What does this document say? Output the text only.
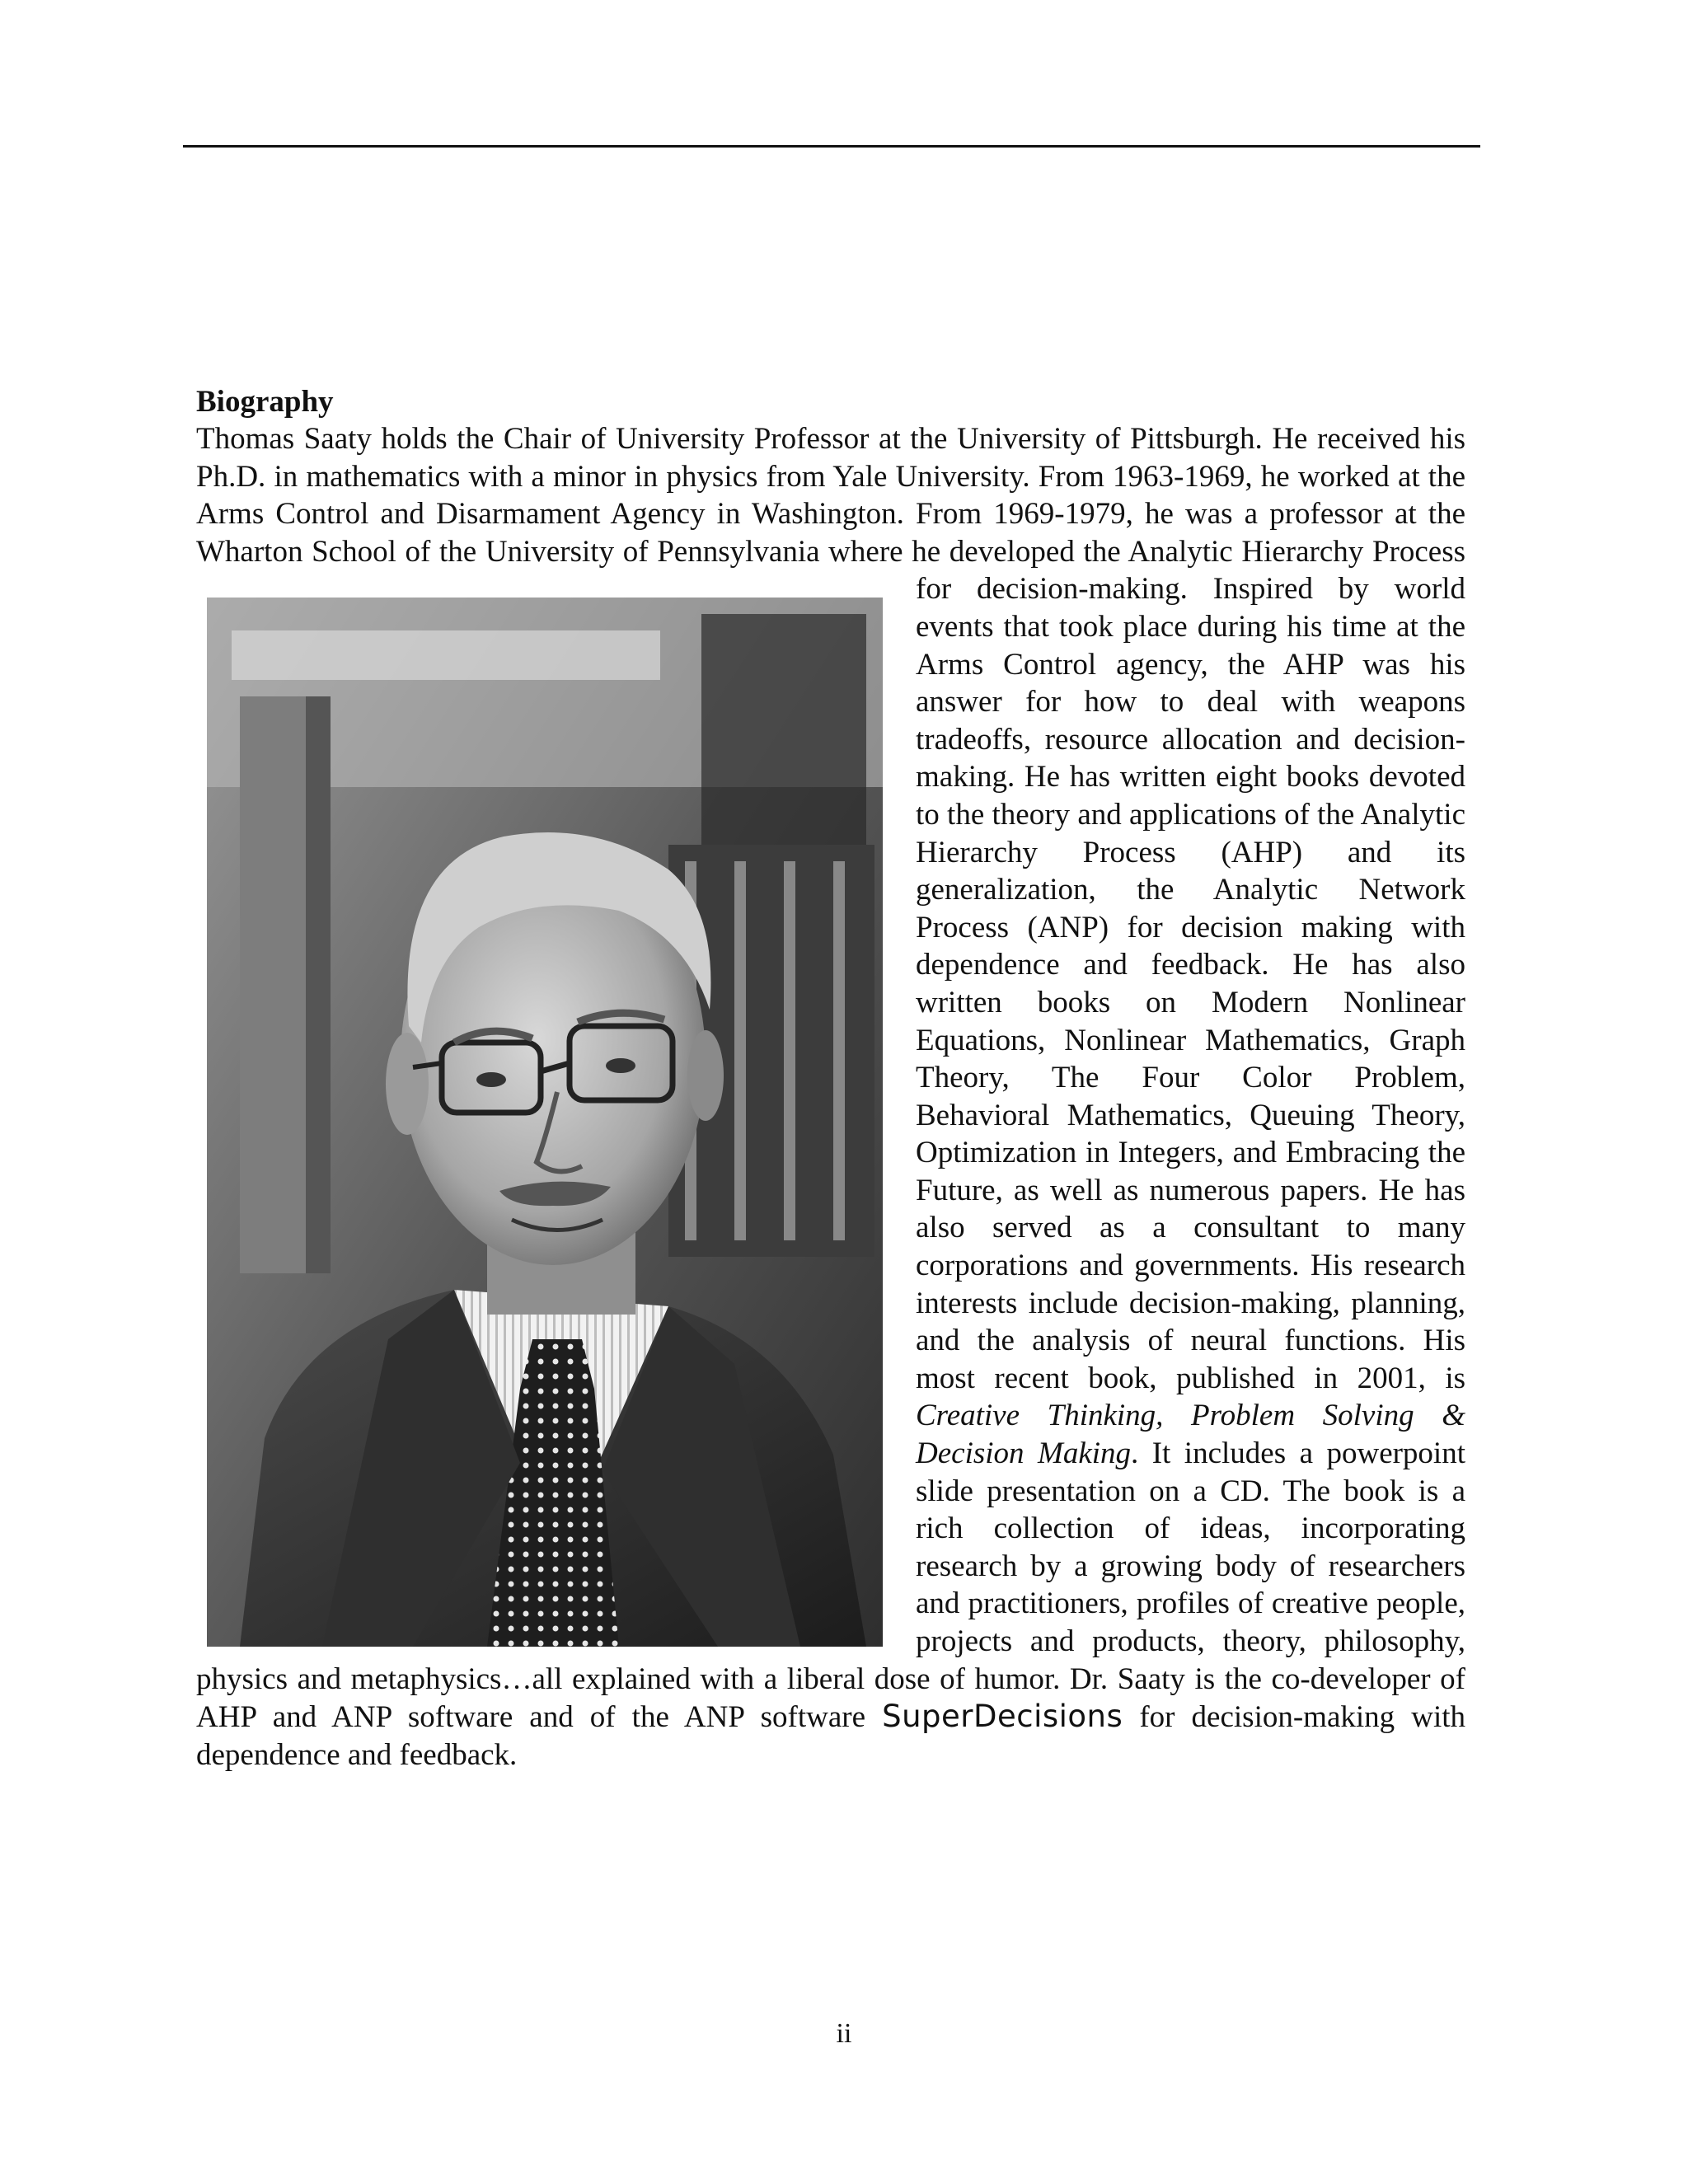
Biography

Thomas Saaty holds the Chair of University Professor at the University of Pittsburgh. He received his Ph.D. in mathematics with a minor in physics from Yale University. From 1963-1969, he worked at the Arms Control and Disarmament Agency in Washington. From 1969-1979, he was a professor at the Wharton School of the University of Pennsylvania where he developed the Analytic Hierarchy Process for decision-making. Inspired by world events that took place during his time at the Arms Control agency, the AHP was his answer for how to deal with weapons tradeoffs, resource allocation and decision-making. He has written eight books devoted to the theory and applications of the Analytic Hierarchy Process (AHP) and its generalization, the Analytic Network Process (ANP) for decision making with dependence and feedback. He has also written books on Modern Nonlinear Equations, Nonlinear Mathematics, Graph Theory, The Four Color Problem, Behavioral Mathematics, Queuing Theory, Optimization in Integers, and Embracing the Future, as well as numerous papers. He has also served as a consultant to many corporations and governments. His research interests include decision-making, planning, and the analysis of neural functions. His most recent book, published in 2001, is Creative Thinking, Problem Solving & Decision Making. It includes a powerpoint slide presentation on a CD. The book is a rich collection of ideas, incorporating research by a growing body of researchers and practitioners, profiles of creative people, projects and products, theory, philosophy, physics and metaphysics…all explained with a liberal dose of humor. Dr. Saaty is the co-developer of AHP and ANP software and of the ANP software SuperDecisions for decision-making with dependence and feedback.

ii
